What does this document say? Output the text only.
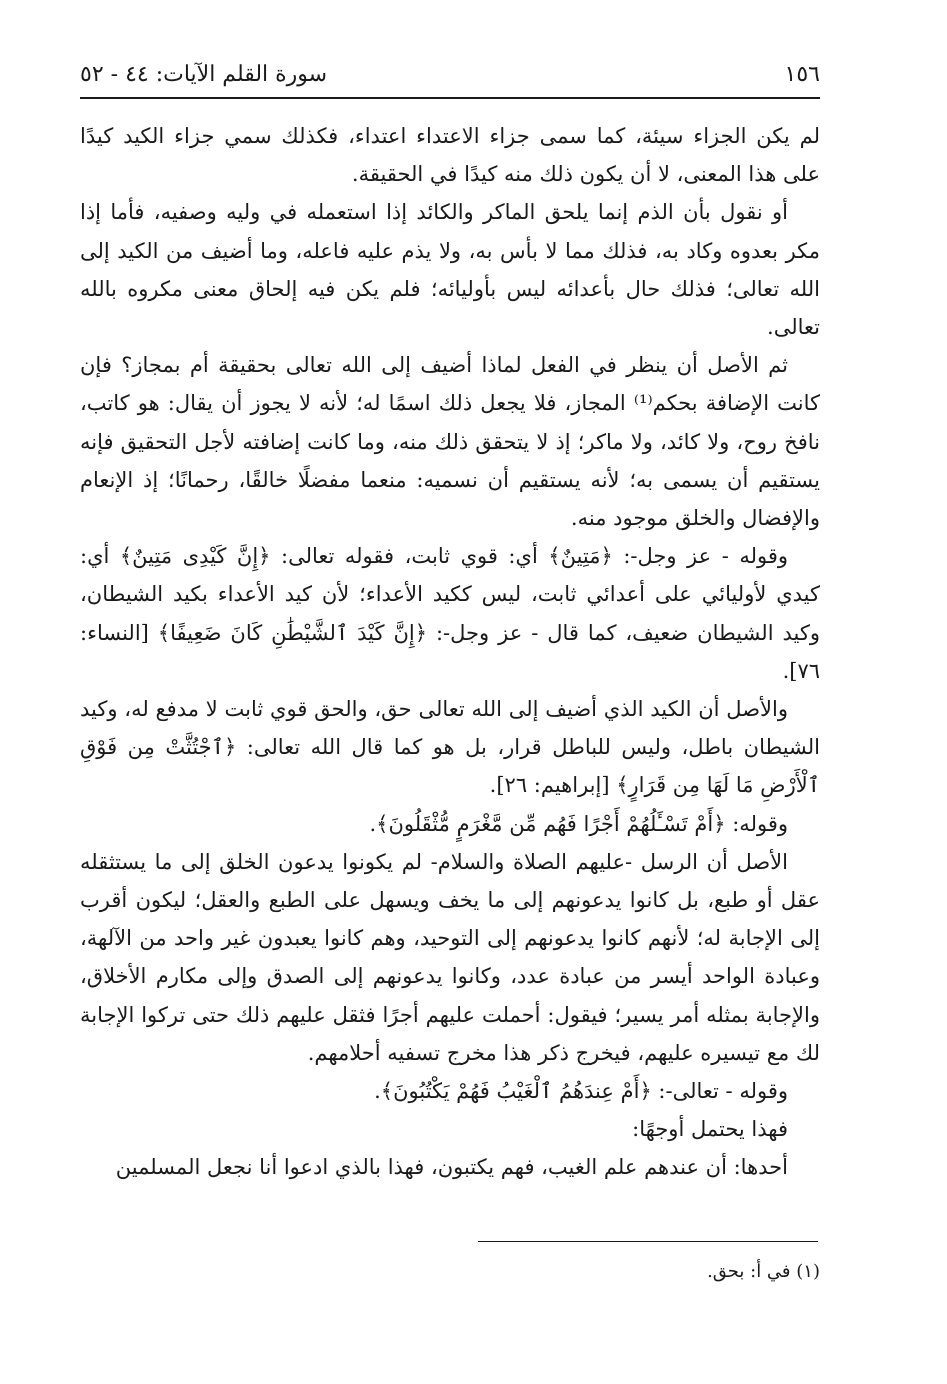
١٥٦
سورة القلم الآيات: ٤٤ - ٥٢

لم يكن الجزاء سيئة، كما سمى جزاء الاعتداء اعتداء، فكذلك سمي جزاء الكيد كيدًا على هذا المعنى، لا أن يكون ذلك منه كيدًا في الحقيقة.

أو نقول بأن الذم إنما يلحق الماكر والكائد إذا استعمله في وليه وصفيه، فأما إذا مكر بعدوه وكاد به، فذلك مما لا بأس به، ولا يذم عليه فاعله، وما أضيف من الكيد إلى الله تعالى؛ فذلك حال بأعدائه ليس بأوليائه؛ فلم يكن فيه إلحاق معنى مكروه بالله تعالى.

ثم الأصل أن ينظر في الفعل لماذا أضيف إلى الله تعالى بحقيقة أم بمجاز؟ فإن كانت الإضافة بحكم⁽¹⁾ المجاز، فلا يجعل ذلك اسمًا له؛ لأنه لا يجوز أن يقال: هو كاتب، نافخ روح، ولا كائد، ولا ماكر؛ إذ لا يتحقق ذلك منه، وما كانت إضافته لأجل التحقيق فإنه يستقيم أن يسمى به؛ لأنه يستقيم أن نسميه: منعما مفضلًا خالقًا، رحمانًا؛ إذ الإنعام والإفضال والخلق موجود منه.

وقوله - عز وجل-: ﴿مَتِينٌ﴾ أي: قوي ثابت، فقوله تعالى: ﴿إِنَّ كَيْدِى مَتِينٌ﴾ أي: كيدي لأوليائي على أعدائي ثابت، ليس ككيد الأعداء؛ لأن كيد الأعداء بكيد الشيطان، وكيد الشيطان ضعيف، كما قال - عز وجل-: ﴿إِنَّ كَيْدَ ٱلشَّيْطَٰنِ كَانَ ضَعِيفًا﴾ [النساء: ٧٦].

والأصل أن الكيد الذي أضيف إلى الله تعالى حق، والحق قوي ثابت لا مدفع له، وكيد الشيطان باطل، وليس للباطل قرار، بل هو كما قال الله تعالى: ﴿ٱجْتُثَّتْ مِن فَوْقِ ٱلْأَرْضِ مَا لَهَا مِن قَرَارٍ﴾ [إبراهيم: ٢٦].

وقوله: ﴿أَمْ تَسْـَٔلُهُمْ أَجْرًا فَهُم مِّن مَّغْرَمٍ مُّثْقَلُونَ﴾.

الأصل أن الرسل -عليهم الصلاة والسلام- لم يكونوا يدعون الخلق إلى ما يستثقله عقل أو طبع، بل كانوا يدعونهم إلى ما يخف ويسهل على الطبع والعقل؛ ليكون أقرب إلى الإجابة له؛ لأنهم كانوا يدعونهم إلى التوحيد، وهم كانوا يعبدون غير واحد من الآلهة، وعبادة الواحد أيسر من عبادة عدد، وكانوا يدعونهم إلى الصدق وإلى مكارم الأخلاق، والإجابة بمثله أمر يسير؛ فيقول: أحملت عليهم أجرًا فثقل عليهم ذلك حتى تركوا الإجابة لك مع تيسيره عليهم، فيخرج ذكر هذا مخرج تسفيه أحلامهم.

وقوله - تعالى-: ﴿أَمْ عِندَهُمُ ٱلْغَيْبُ فَهُمْ يَكْتُبُونَ﴾.

فهذا يحتمل أوجهًا:

أحدها: أن عندهم علم الغيب، فهم يكتبون، فهذا بالذي ادعوا أنا نجعل المسلمين

(١) في أ: بحق.
